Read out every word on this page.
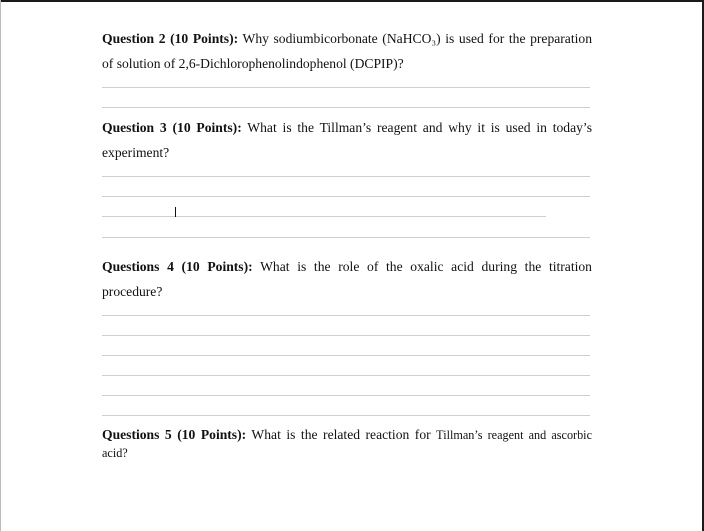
Question 2 (10 Points): Why sodiumbicorbonate (NaHCO₃) is used for the preparation of solution of 2,6-Dichlorophenolindophenol (DCPIP)?
Question 3 (10 Points): What is the Tillman’s reagent and why it is used in today’s experiment?
Questions 4 (10 Points): What is the role of the oxalic acid during the titration procedure?
Questions 5 (10 Points): What is the related reaction for Tillman’s reagent and ascorbic acid?
